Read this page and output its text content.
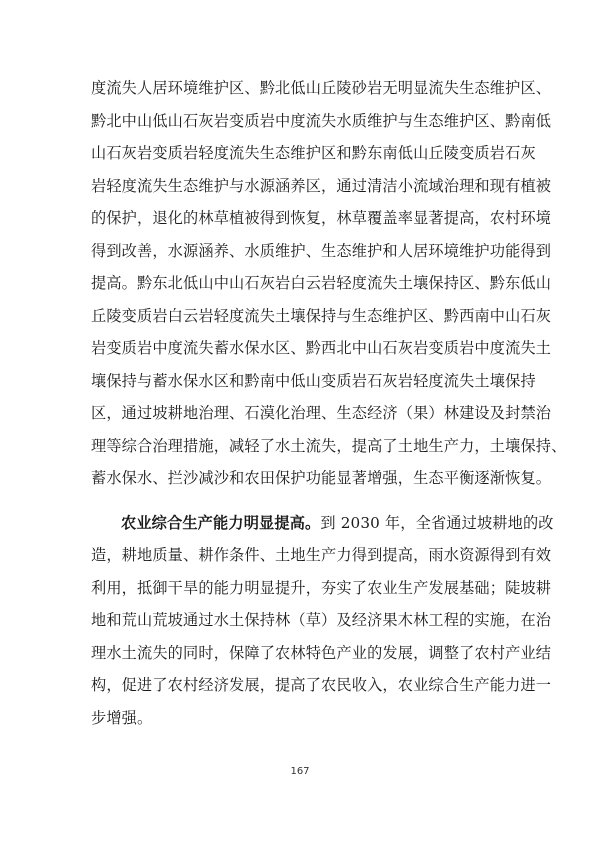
度流失人居环境维护区、黔北低山丘陵砂岩无明显流失生态维护区、
黔北中山低山石灰岩变质岩中度流失水质维护与生态维护区、黔南低
山石灰岩变质岩轻度流失生态维护区和黔东南低山丘陵变质岩石灰
岩轻度流失生态维护与水源涵养区，通过清洁小流域治理和现有植被
的保护，退化的林草植被得到恢复，林草覆盖率显著提高，农村环境
得到改善，水源涵养、水质维护、生态维护和人居环境维护功能得到
提高。黔东北低山中山石灰岩白云岩轻度流失土壤保持区、黔东低山
丘陵变质岩白云岩轻度流失土壤保持与生态维护区、黔西南中山石灰
岩变质岩中度流失蓄水保水区、黔西北中山石灰岩变质岩中度流失土
壤保持与蓄水保水区和黔南中低山变质岩石灰岩轻度流失土壤保持
区，通过坡耕地治理、石漠化治理、生态经济（果）林建设及封禁治
理等综合治理措施，减轻了水土流失，提高了土地生产力，土壤保持、
蓄水保水、拦沙减沙和农田保护功能显著增强，生态平衡逐渐恢复。
农业综合生产能力明显提高。到 2030 年，全省通过坡耕地的改
造，耕地质量、耕作条件、土地生产力得到提高，雨水资源得到有效
利用，抵御干旱的能力明显提升，夯实了农业生产发展基础；陡坡耕
地和荒山荒坡通过水土保持林（草）及经济果木林工程的实施，在治
理水土流失的同时，保障了农林特色产业的发展，调整了农村产业结
构，促进了农村经济发展，提高了农民收入，农业综合生产能力进一
步增强。
167
